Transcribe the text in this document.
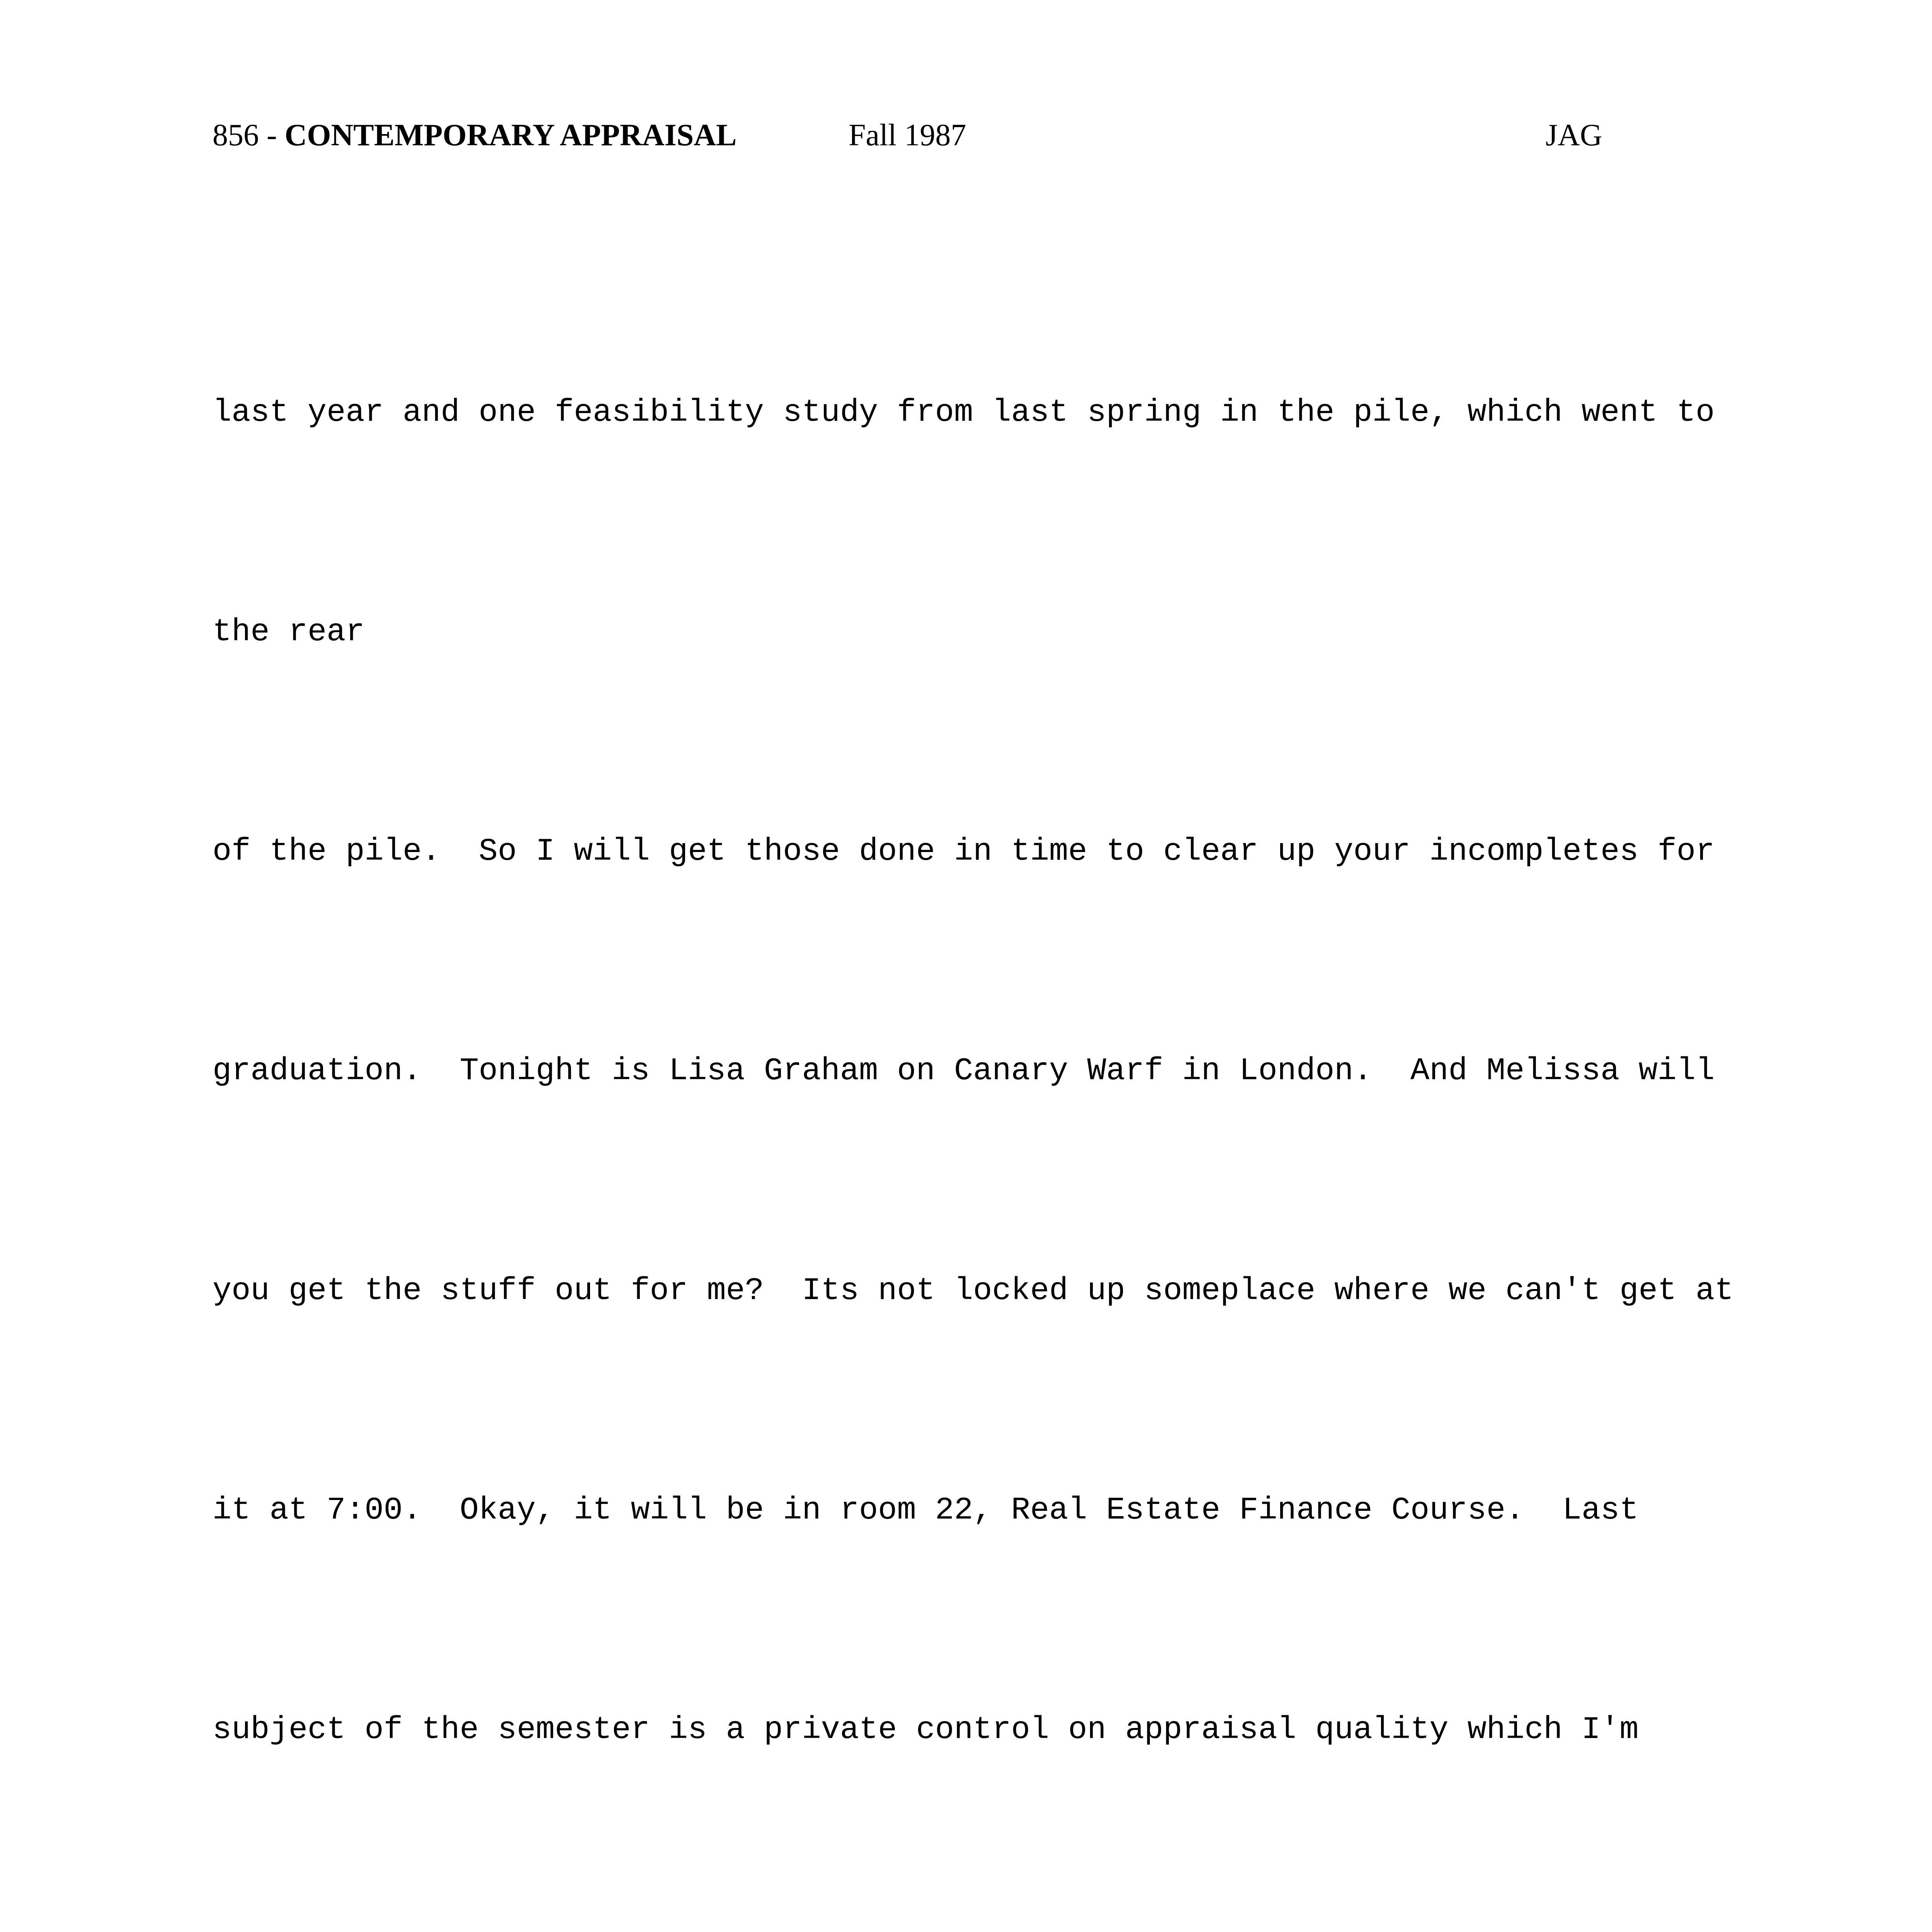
856 - CONTEMPORARY APPRAISAL	Fall 1987	JAG

last year and one feasibility study from last spring in the pile, which went to

the rear

of the pile.  So I will get those done in time to clear up your incompletes for

graduation.  Tonight is Lisa Graham on Canary Warf in London.  And Melissa will

you get the stuff out for me?  Its not locked up someplace where we can't get at

it at 7:00.  Okay, it will be in room 22, Real Estate Finance Course.  Last

subject of the semester is a private control on appraisal quality which I'm
